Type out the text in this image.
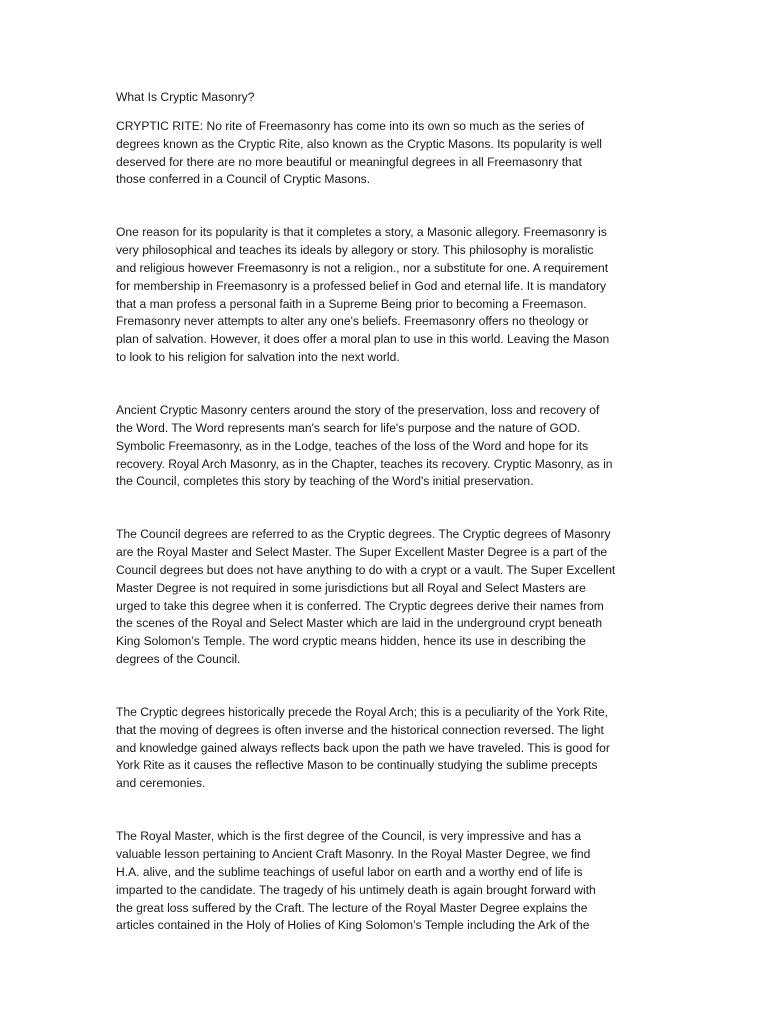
What Is Cryptic Masonry?
CRYPTIC RITE: No rite of Freemasonry has come into its own so much as the series of
degrees known as the Cryptic Rite, also known as the Cryptic Masons. Its popularity is well
deserved for there are no more beautiful or meaningful degrees in all Freemasonry that
those conferred in a Council of Cryptic Masons.
One reason for its popularity is that it completes a story, a Masonic allegory. Freemasonry is
very philosophical and teaches its ideals by allegory or story. This philosophy is moralistic
and religious however Freemasonry is not a religion., nor a substitute for one. A requirement
for membership in Freemasonry is a professed belief in God and eternal life. It is mandatory
that a man profess a personal faith in a Supreme Being prior to becoming a Freemason.
Fremasonry never attempts to alter any one's beliefs. Freemasonry offers no theology or
plan of salvation. However, it does offer a moral plan to use in this world. Leaving the Mason
to look to his religion for salvation into the next world.
Ancient Cryptic Masonry centers around the story of the preservation, loss and recovery of
the Word. The Word represents man's search for life's purpose and the nature of GOD.
Symbolic Freemasonry, as in the Lodge, teaches of the loss of the Word and hope for its
recovery. Royal Arch Masonry, as in the Chapter, teaches its recovery. Cryptic Masonry, as in
the Council, completes this story by teaching of the Word's initial preservation.
The Council degrees are referred to as the Cryptic degrees. The Cryptic degrees of Masonry
are the Royal Master and Select Master. The Super Excellent Master Degree is a part of the
Council degrees but does not have anything to do with a crypt or a vault. The Super Excellent
Master Degree is not required in some jurisdictions but all Royal and Select Masters are
urged to take this degree when it is conferred. The Cryptic degrees derive their names from
the scenes of the Royal and Select Master which are laid in the underground crypt beneath
King Solomon’s Temple. The word cryptic means hidden, hence its use in describing the
degrees of the Council.
The Cryptic degrees historically precede the Royal Arch; this is a peculiarity of the York Rite,
that the moving of degrees is often inverse and the historical connection reversed. The light
and knowledge gained always reflects back upon the path we have traveled. This is good for
York Rite as it causes the reflective Mason to be continually studying the sublime precepts
and ceremonies.
The Royal Master, which is the first degree of the Council, is very impressive and has a
valuable lesson pertaining to Ancient Craft Masonry. In the Royal Master Degree, we find
H.A. alive, and the sublime teachings of useful labor on earth and a worthy end of life is
imparted to the candidate. The tragedy of his untimely death is again brought forward with
the great loss suffered by the Craft. The lecture of the Royal Master Degree explains the
articles contained in the Holy of Holies of King Solomon’s Temple including the Ark of the
